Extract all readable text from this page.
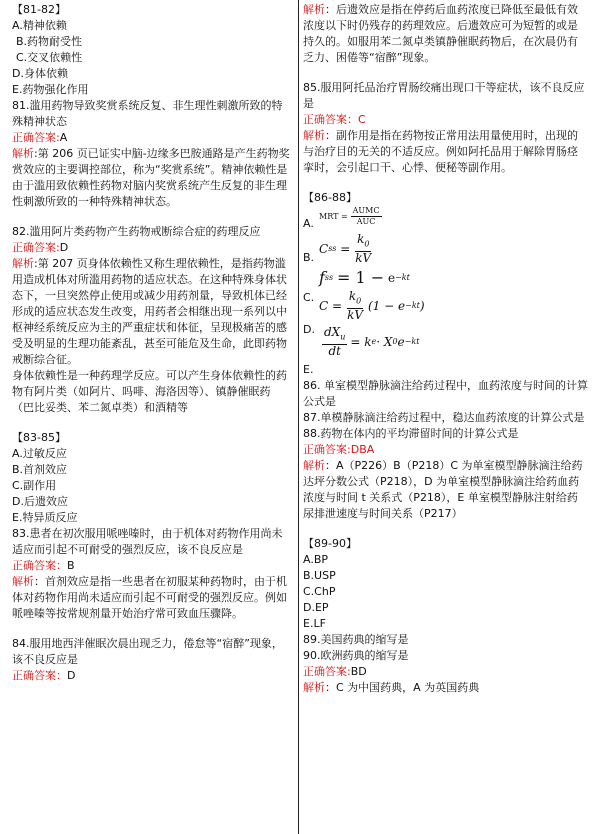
【81-82】

A.精神依赖

B.药物耐受性

C.交叉依赖性

D.身体依赖

E.药物强化作用

81.滥用药物导致奖赏系统反复、非生理性刺激所致的特殊精神状态

正确答案:A

解析:第 206 页已证实中脑-边缘多巴胺通路是产生药物奖赏效应的主要调控部位，称为“奖赏系统”。精神依赖性是由于滥用致依赖性药物对脑内奖赏系统产生反复的非生理性刺激所致的一种特殊精神状态。

82.滥用阿片类药物产生药物戒断综合症的药理反应

正确答案:D

解析:第 207 页身体依赖性又称生理依赖性，是指药物滥用造成机体对所滥用药物的适应状态。在这种特殊身体状态下，一旦突然停止使用或减少用药剂量，导致机体已经形成的适应状态发生改变，用药者会相继出现一系列以中枢神经系统反应为主的严重症状和体征，呈现极痛苦的感受及明显的生理功能紊乱，甚至可能危及生命，此即药物戒断综合征。

身体依赖性是一种药理学反应。可以产生身体依赖性的药物有阿片类（如阿片、吗啡、海洛因等）、镇静催眠药（巴比妥类、苯二氮卓类）和酒精等

【83-85】

A.过敏反应

B.首剂效应

C.副作用

D.后遗效应

E.特异质反应

83.患者在初次服用哌唑嗪时，由于机体对药物作用尚未适应而引起不可耐受的强烈反应，该不良反应是

正确答案：B

解析：首剂效应是指一些患者在初服某种药物时，由于机体对药物作用尚未适应而引起不可耐受的强烈反应。例如哌唑嗪等按常规剂量开始治疗常可致血压骤降。

84.服用地西泮催眠次晨出现乏力，倦怠等“宿醉”现象，该不良反应是

正确答案：D

解析：后遗效应是指在停药后血药浓度已降低至最低有效浓度以下时仍残存的药理效应。后遗效应可为短暂的或是持久的。如服用苯二氮卓类镇静催眠药物后，在次晨仍有乏力、困倦等“宿醉”现象。

85.服用阿托品治疗胃肠绞痛出现口干等症状，该不良反应是

正确答案：C

解析：副作用是指在药物按正常用法用量使用时，出现的与治疗目的无关的不适反应。例如阿托品用于解除胃肠痉挛时，会引起口干、心悸、便秘等副作用。

【86-88】

A.
MRT = $\frac{\text{AUMC}}{\text{AUC}}$
B.
C ss = $\frac{k_0}{kV}$
f ss
= 1 −
e −kt
C.
$C = \frac{k_0}{kV} (1 - e -kt$ )
D. $\frac{dX_u}{dt} = k$ e · X 0 e −kt

E.

86. 单室模型静脉滴注给药过程中，血药浓度与时间的计算公式是

87.单模静脉滴注给药过程中，稳达血药浓度的计算公式是

88.药物在体内的平均滞留时间的计算公式是

正确答案:DBA

解析：A（P226）B（P218）C 为单室模型静脉滴注给药达坪分数公式（P218），D 为单室模型静脉滴注给药血药浓度与时间 t 关系式（P218），E 单室模型静脉注射给药尿排泄速度与时间关系（P217）

【89-90】

A.BP

B.USP

C.ChP

D.EP

E.LF

89.美国药典的缩写是

90.欧洲药典的缩写是

正确答案:BD

解析：C 为中国药典，A 为英国药典
